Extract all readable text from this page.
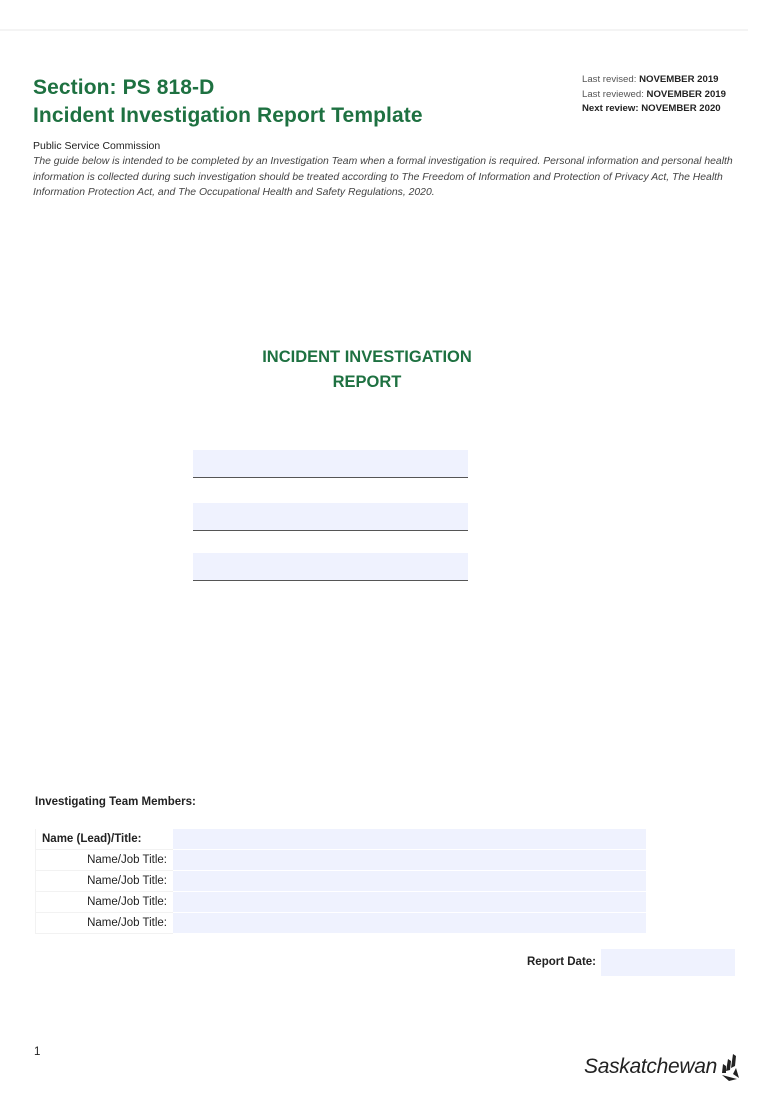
Section: PS 818-D
Incident Investigation Report Template
Last revised: NOVEMBER 2019
Last reviewed: NOVEMBER 2019
Next review: NOVEMBER 2020
Public Service Commission
The guide below is intended to be completed by an Investigation Team when a formal investigation is required. Personal information and personal health information is collected during such investigation should be treated according to The Freedom of Information and Protection of Privacy Act, The Health Information Protection Act, and The Occupational Health and Safety Regulations, 2020.
INCIDENT INVESTIGATION
REPORT
Investigating Team Members:
Name (Lead)/Title:	
Name/Job Title:	
Name/Job Title:	
Name/Job Title:	
Name/Job Title:	
Report Date:
1
Saskatchewan
